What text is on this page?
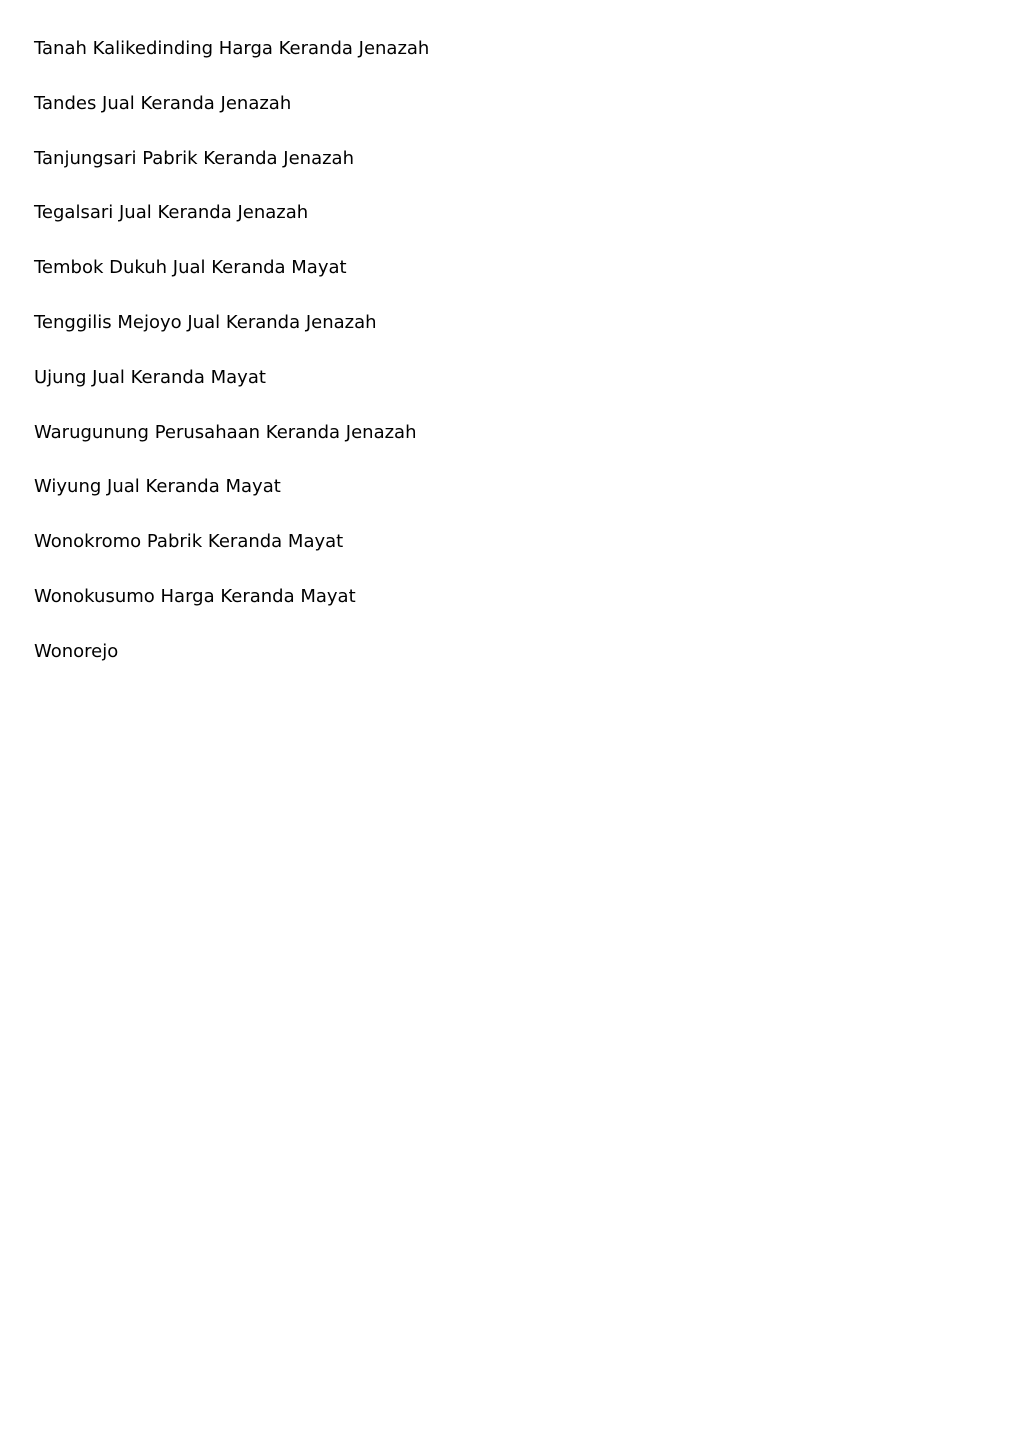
Tanah Kalikedinding Harga Keranda Jenazah
Tandes Jual Keranda Jenazah
Tanjungsari Pabrik Keranda Jenazah
Tegalsari Jual Keranda Jenazah
Tembok Dukuh Jual Keranda Mayat
Tenggilis Mejoyo Jual Keranda Jenazah
Ujung Jual Keranda Mayat
Warugunung Perusahaan Keranda Jenazah
Wiyung Jual Keranda Mayat
Wonokromo Pabrik Keranda Mayat
Wonokusumo Harga Keranda Mayat
Wonorejo
